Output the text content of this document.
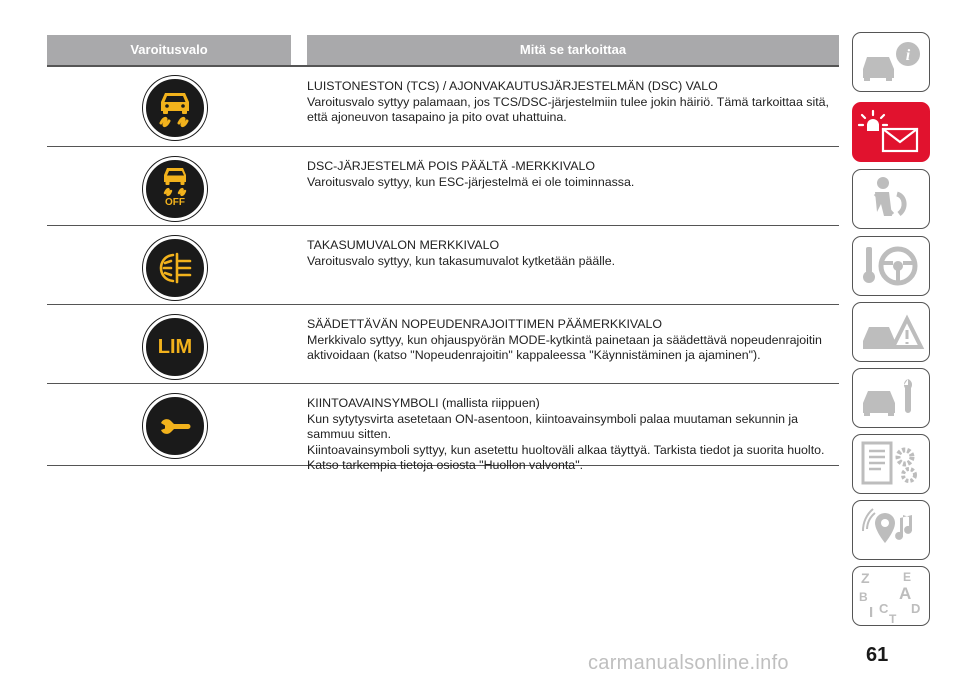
Varoitusvalo	Mitä se tarkoittaa
LUISTONESTON (TCS) / AJONVAKAUTUSJÄRJESTELMÄN (DSC) VALO
Varoitusvalo syttyy palamaan, jos TCS/DSC-järjestelmiin tulee jokin häiriö. Tämä tarkoittaa sitä,
että ajoneuvon tasapaino ja pito ovat uhattuina.
OFF
DSC-JÄRJESTELMÄ POIS PÄÄLTÄ -MERKKIVALO
Varoitusvalo syttyy, kun ESC-järjestelmä ei ole toiminnassa.
TAKASUMUVALON MERKKIVALO
Varoitusvalo syttyy, kun takasumuvalot kytketään päälle.
LIM
SÄÄDETTÄVÄN NOPEUDENRAJOITTIMEN PÄÄMERKKIVALO
Merkkivalo syttyy, kun ohjauspyörän MODE-kytkintä painetaan ja säädettävä nopeudenrajoitin
aktivoidaan (katso "Nopeudenrajoitin" kappaleessa "Käynnistäminen ja ajaminen").
KIINTOAVAINSYMBOLI (mallista riippuen)
Kun sytytysvirta asetetaan ON-asentoon, kiintoavainsymboli palaa muutaman sekunnin ja
sammuu sitten.
Kiintoavainsymboli syttyy, kun asetettu huoltoväli alkaa täyttyä. Tarkista tiedot ja suorita huolto.
Katso tarkempia tietoja osiosta "Huollon valvonta".
i
Z	E
A
B
C D
I T
61
carmanualsonline.info
